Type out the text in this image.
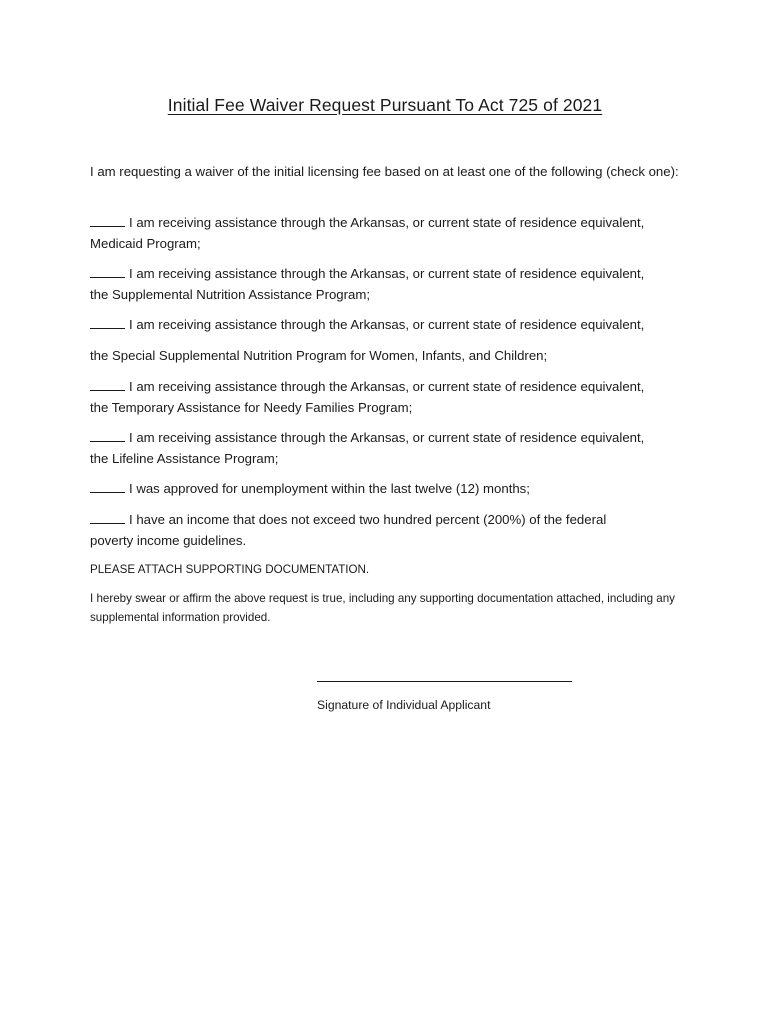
Initial Fee Waiver Request Pursuant To Act 725 of 2021

I am requesting a waiver of the initial licensing fee based on at least one of the following (check one):

I am receiving assistance through the Arkansas, or current state of residence equivalent,
Medicaid Program;

I am receiving assistance through the Arkansas, or current state of residence equivalent,
the Supplemental Nutrition Assistance Program;

I am receiving assistance through the Arkansas, or current state of residence equivalent,

the Special Supplemental Nutrition Program for Women, Infants, and Children;

I am receiving assistance through the Arkansas, or current state of residence equivalent,
the Temporary Assistance for Needy Families Program;

I am receiving assistance through the Arkansas, or current state of residence equivalent,
the Lifeline Assistance Program;

I was approved for unemployment within the last twelve (12) months;

I have an income that does not exceed two hundred percent (200%) of the federal
poverty income guidelines.

PLEASE ATTACH SUPPORTING DOCUMENTATION.

I hereby swear or affirm the above request is true, including any supporting documentation attached, including any supplemental information provided.

Signature of Individual Applicant
